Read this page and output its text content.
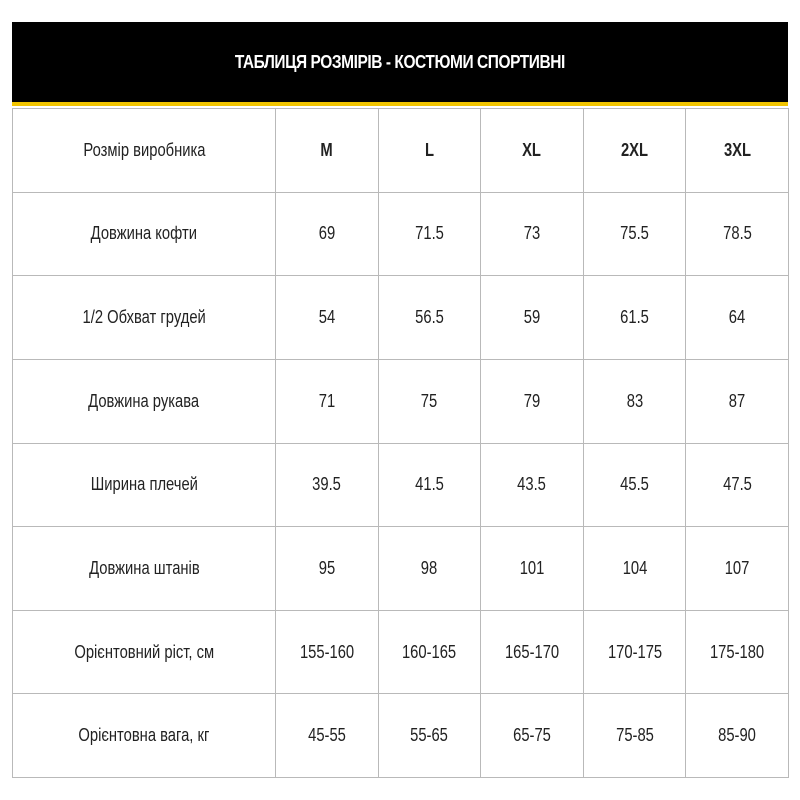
ТАБЛИЦЯ РОЗМІРІВ - КОСТЮМИ СПОРТИВНІ
Розмір виробника	M	L	XL	2XL	3XL
Довжина кофти	69	71.5	73	75.5	78.5
1/2 Обхват грудей	54	56.5	59	61.5	64
Довжина рукава	71	75	79	83	87
Ширина плечей	39.5	41.5	43.5	45.5	47.5
Довжина штанів	95	98	101	104	107
Орієнтовний ріст, см	155-160	160-165	165-170	170-175	175-180
Орієнтовна вага, кг	45-55	55-65	65-75	75-85	85-90
